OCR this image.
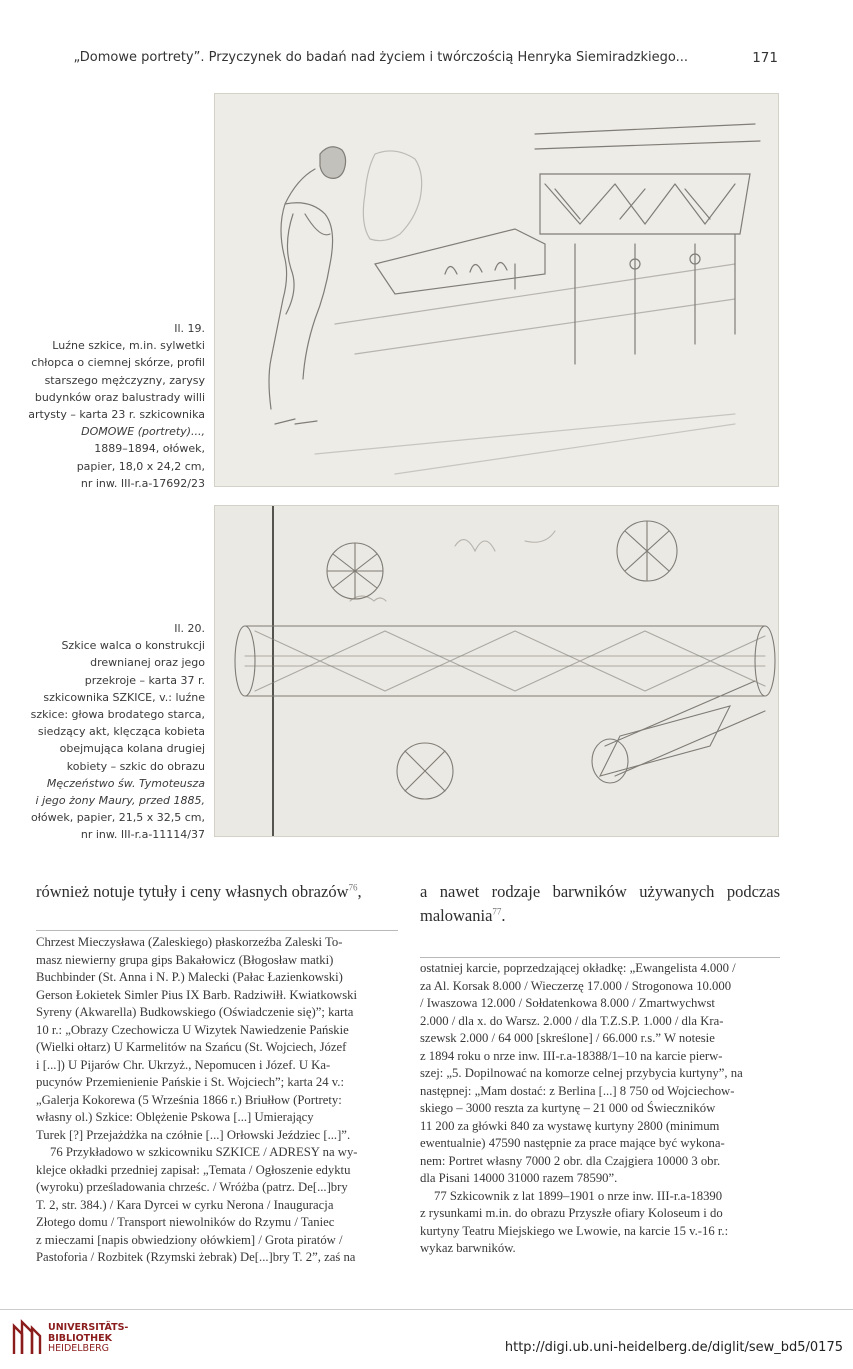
„Domowe portrety”. Przyczynek do badań nad życiem i twórczością Henryka Siemiradzkiego...	171
Il. 19.
Luźne szkice, m.in. sylwetki
chłopca o ciemnej skórze, profil
starszego mężczyzny, zarysy
budynków oraz balustrady willi
artysty – karta 23 r. szkicownika
DOMOWE (portrety)...,
1889–1894, ołówek,
papier, 18,0 x 24,2 cm,
nr inw. III-r.a-17692/23
Il. 20.
Szkice walca o konstrukcji
drewnianej oraz jego
przekroje – karta 37 r.
szkicownika SZKICE, v.: luźne
szkice: głowa brodatego starca,
siedzący akt, klęcząca kobieta
obejmująca kolana drugiej
kobiety – szkic do obrazu
Męczeństwo św. Tymoteusza
i jego żony Maury, przed 1885,
ołówek, papier, 21,5 x 32,5 cm,
nr inw. III-r.a-11114/37
również notuje tytuły i ceny własnych obrazów$^{76}$,	a nawet rodzaje barwników używanych podczas
malowania$^{77}$.
Chrzest Mieczysława (Zaleskiego) płaskorzeźba Zaleski To-
masz niewierny grupa gips Bakałowicz (Błogosław matki)
Buchbinder (St. Anna i N. P.) Malecki (Pałac Łazienkowski)
Gerson Łokietek Simler Pius IX Barb. Radziwiłł. Kwiatkowski
Syreny (Akwarella) Budkowskiego (Oświadczenie się)”; karta
10 r.: „Obrazy Czechowicza U Wizytek Nawiedzenie Pańskie
(Wielki ołtarz) U Karmelitów na Szańcu (St. Wojciech, Józef
i [...]) U Pijarów Chr. Ukrzyż., Nepomucen i Józef. U Ka-
pucynów Przemienienie Pańskie i St. Wojciech”; karta 24 v.:
„Galerja Kokorewa (5 Września 1866 r.) Briułłow (Portrety:
własny ol.) Szkice: Oblężenie Pskowa [...] Umierający
Turek [?] Przejażdżka na czółnie [...] Orłowski Jeździec [...]”.
76 Przykładowo w szkicowniku SZKICE / ADRESY na wy-
klejce okładki przedniej zapisał: „Temata / Ogłoszenie edyktu
(wyroku) prześladowania chrześc. / Wróżba (patrz. De[...]bry
T. 2, str. 384.) / Kara Dyrcei w cyrku Nerona / Inauguracja
Złotego domu / Transport niewolników do Rzymu / Taniec
z mieczami [napis obwiedziony ołówkiem] / Grota piratów /
Pastoforia / Rozbitek (Rzymski żebrak) De[...]bry T. 2”, zaś na
ostatniej karcie, poprzedzającej okładkę: „Ewangelista 4.000 /
za Al. Korsak 8.000 / Wieczerzę 17.000 / Strogonowa 10.000
/ Iwaszowa 12.000 / Sołdatenkowa 8.000 / Zmartwychwst
2.000 / dla x. do Warsz. 2.000 / dla T.Z.S.P. 1.000 / dla Kra-
szewsk 2.000 / 64 000 [skreślone] / 66.000 r.s.” W notesie
z 1894 roku o nrze inw. III-r.a-18388/1–10 na karcie pierw-
szej: „5. Dopilnować na komorze celnej przybycia kurtyny”, na
następnej: „Mam dostać: z Berlina [...] 8 750 od Wojciechow-
skiego – 3000 reszta za kurtynę – 21 000 od Świeczników
11 200 za główki 840 za wystawę kurtyny 2800 (minimum
ewentualnie) 47590 następnie za prace mające być wykona-
nem: Portret własny 7000 2 obr. dla Czajgiera 10000 3 obr.
dla Pisani 14000 31000 razem 78590”.
77 Szkicownik z lat 1899–1901 o nrze inw. III-r.a-18390
z rysunkami m.in. do obrazu Przyszłe ofiary Koloseum i do
kurtyny Teatru Miejskiego we Lwowie, na karcie 15 v.-16 r.:
wykaz barwników.
UNIVERSITÄTS-
BIBLIOTHEK
HEIDELBERG	http://digi.ub.uni-heidelberg.de/diglit/sew_bd5/0175
